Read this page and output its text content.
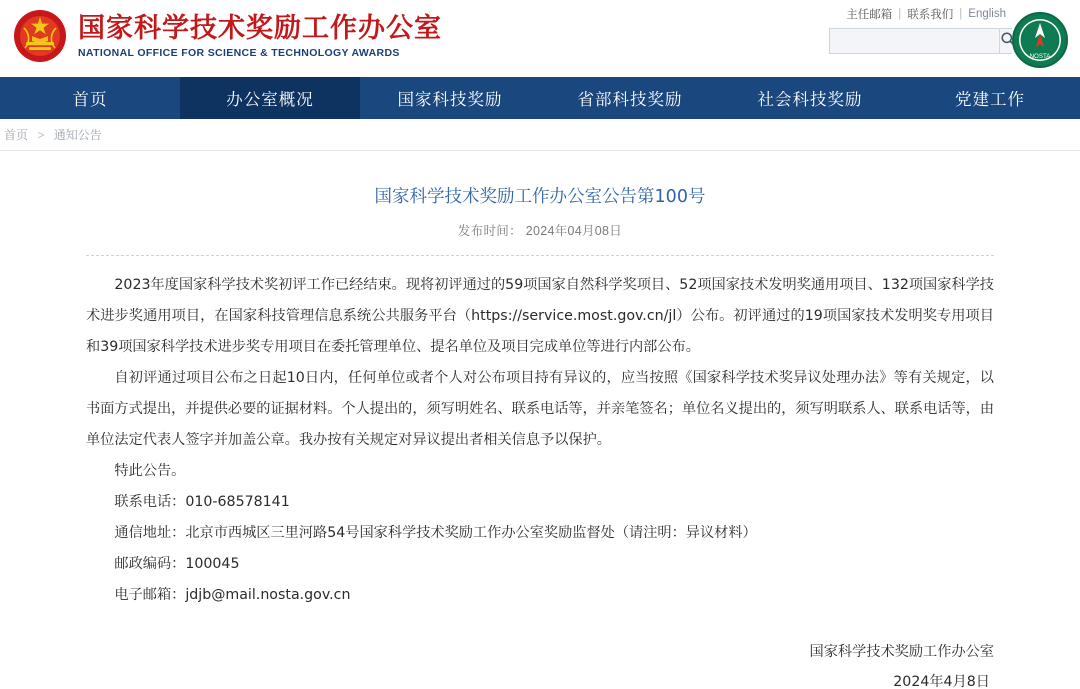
国家科学技术奖励工作办公室
NATIONAL OFFICE FOR SCIENCE & TECHNOLOGY AWARDS
主任邮箱 | 联系我们 | English
NOSTA
首页	办公室概况	国家科技奖励	省部科技奖励	社会科技奖励	党建工作
首页 > 通知公告
国家科学技术奖励工作办公室公告第100号
发布时间： 2024年04月08日

2023年度国家科学技术奖初评工作已经结束。现将初评通过的59项国家自然科学奖项目、52项国家技术发明奖通用项目、132项国家科学技术进步奖通用项目，在国家科技管理信息系统公共服务平台（https://service.most.gov.cn/jl）公布。初评通过的19项国家技术发明奖专用项目和39项国家科学技术进步奖专用项目在委托管理单位、提名单位及项目完成单位等进行内部公布。

自初评通过项目公布之日起10日内，任何单位或者个人对公布项目持有异议的，应当按照《国家科学技术奖异议处理办法》等有关规定，以书面方式提出，并提供必要的证据材料。个人提出的，须写明姓名、联系电话等，并亲笔签名；单位名义提出的，须写明联系人、联系电话等，由单位法定代表人签字并加盖公章。我办按有关规定对异议提出者相关信息予以保护。

特此公告。

联系电话：010-68578141

通信地址：北京市西城区三里河路54号国家科学技术奖励工作办公室奖励监督处（请注明：异议材料）

邮政编码：100045

电子邮箱：jdjb@mail.nosta.gov.cn

国家科学技术奖励工作办公室
2024年4月8日
